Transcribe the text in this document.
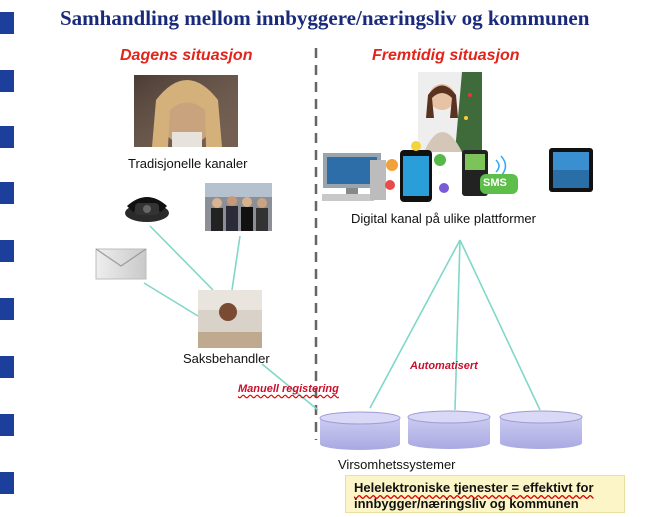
Samhandling mellom innbyggere/næringsliv og kommunen
SMS
Dagens situasjon	Fremtidig situasjon
Tradisjonelle kanaler
Saksbehandler
Manuell registering
Digital kanal på ulike plattformer
Automatisert
Virsomhetssystemer
Helelektroniske tjenester = effektivt for
innbygger/næringsliv og kommunen
